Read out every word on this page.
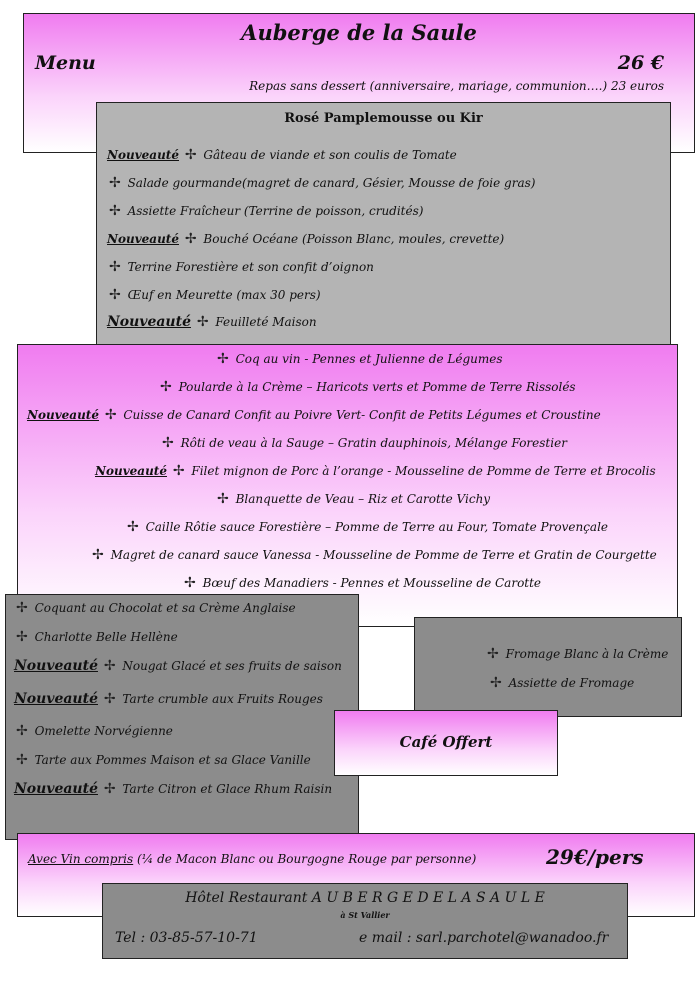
Auberge de la Saule
Menu	26 €
Repas sans dessert (anniversaire, mariage, communion….) 23 euros
Rosé Pamplemousse ou Kir
Nouveauté ✢ Gâteau de viande et son coulis de Tomate
✢ Salade gourmande(magret de canard, Gésier, Mousse de foie gras)
✢ Assiette Fraîcheur (Terrine de poisson, crudités)
Nouveauté ✢ Bouché Océane (Poisson Blanc, moules, crevette)
✢ Terrine Forestière et son confit d’oignon
✢ Œuf en Meurette (max 30 pers)
Nouveauté ✢ Feuilleté Maison
✢ Coq au vin - Pennes et Julienne de Légumes
✢ Poularde à la Crème – Haricots verts et Pomme de Terre Rissolés
Nouveauté ✢ Cuisse de Canard Confit au Poivre Vert- Confit de Petits Légumes et Croustine
✢ Rôti de veau à la Sauge – Gratin dauphinois, Mélange Forestier
Nouveauté ✢ Filet mignon de Porc à l’orange - Mousseline de Pomme de Terre et Brocolis
✢ Blanquette de Veau – Riz et Carotte Vichy
✢ Caille Rôtie sauce Forestière – Pomme de Terre au Four, Tomate Provençale
✢ Magret de canard sauce Vanessa - Mousseline de Pomme de Terre et Gratin de Courgette
✢ Bœuf des Manadiers - Pennes et Mousseline de Carotte
✢ Coquant au Chocolat et sa Crème Anglaise
✢ Charlotte Belle Hellène
Nouveauté ✢ Nougat Glacé et ses fruits de saison
Nouveauté ✢ Tarte crumble aux Fruits Rouges
✢ Omelette Norvégienne
✢ Tarte aux Pommes Maison et sa Glace Vanille
Nouveauté ✢ Tarte Citron et Glace Rhum Raisin
✢ Fromage Blanc à la Crème
✢ Assiette de Fromage
Café Offert
Avec Vin compris (¼ de Macon Blanc ou Bourgogne Rouge par personne)	29€/pers
Hôtel Restaurant A U B E R G E D E L A S A U L E
à St Vallier
Tel : 03-85-57-10-71	e mail : sarl.parchotel@wanadoo.fr
